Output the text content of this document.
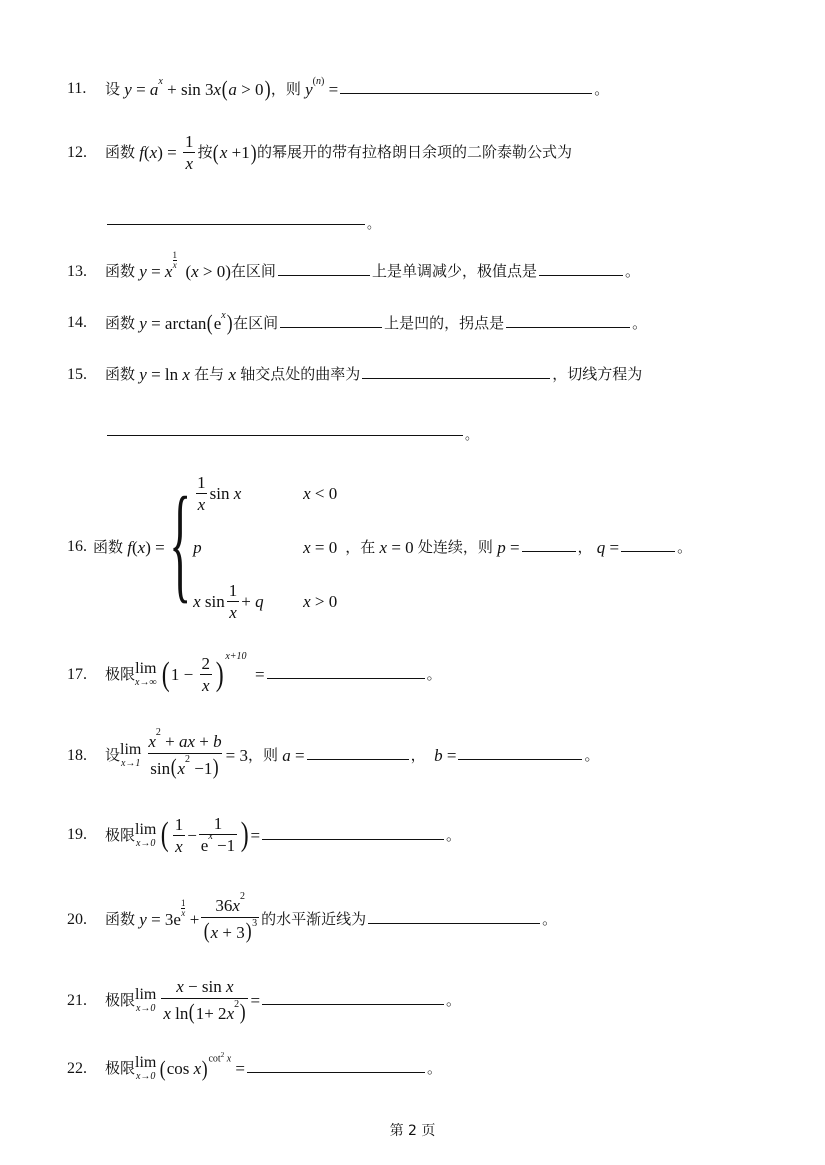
11.	设 $y = a^x + \sin 3$ x ( a > 0 ) ，则 $y^{(n)}$ =	。
12.	函数 f ( x ) = $\frac{1}{x}$ 按 ( x +1 ) 的幂展开的带有拉格朗日余项的二阶泰勒公式为
。
13.	函数 y = x
$^{\frac{1}{x}}$
( x > 0) 在区间	上是单调减少，极值点是	。
14.	函数 y = arctan ( $e^x$ ) 在区间	上是凹的，拐点是	。
15.	函数 y = ln x 在与 x 轴交点处的曲率为	，切线方程为
。
16. 函数 f ( x ) = { $\frac{1}{x}$ sin x	x < 0
p	x = 0
x $\sin \frac{1}{x} + q$ x > 0
，在 x = 0 处连续，则 p =	， q =	。
17.	极限 lim
x→∞ ( $1 - \frac{2}{x} )^{x+10}$
=	。
18.	设 lim
$x\to 1 \frac{x^2 + ax + b}{\sin(x^2 -1)} = 3$ ，则 a =	， b =	。
19.	极限 lim
x→0 ( $\frac{1}{x} - \frac{1}{e^x -1}$ ) =	。
20.	函数 y = 3e
$^{\frac{1}{x}}$
+ $\frac{36x^2}{(x + 3)^3}$ 的水平渐近线为	。
21.	极限 lim
$x\to 0 \frac{\text{x − sin x}}{x \ln(1+ 2x^2)}$ =	。
22.	极限 lim
x→0 ( cos x )$^{cot^2 x}$ =	。
第 2 页
